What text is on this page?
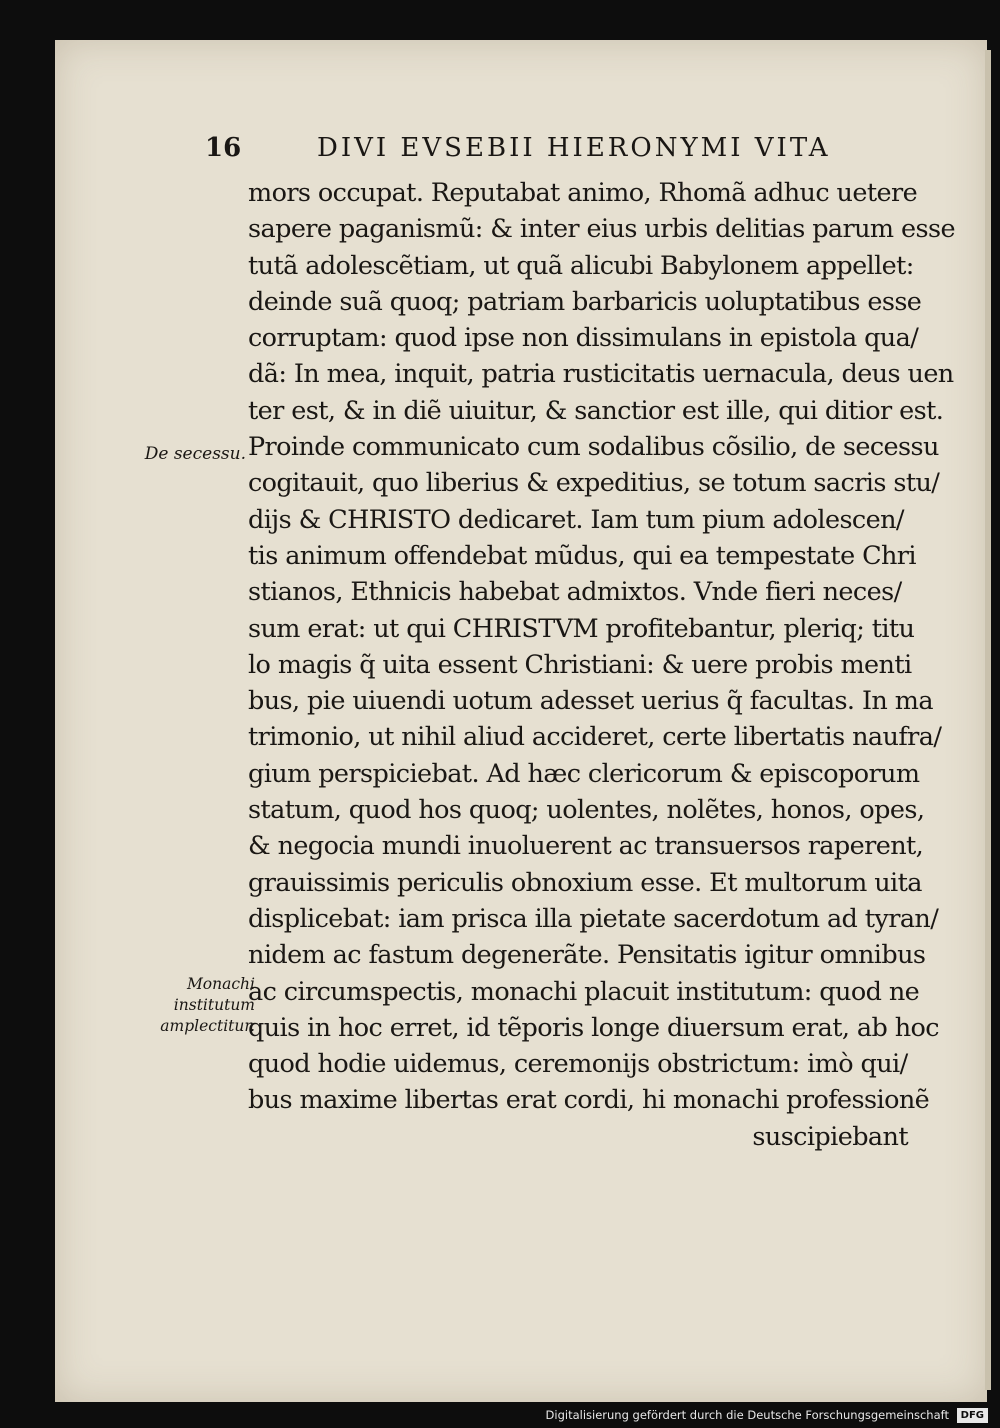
16	DIVI EVSEBII HIERONYMI VITA
De secessu.
Monachi
institutum
amplectitur.
mors occupat. Reputabat animo, Rhomã adhuc uetere
sapere paganismũ: & inter eius urbis delitias parum esse
tutã adolescẽtiam, ut quã alicubi Babylonem appellet:
deinde suã quoq; patriam barbaricis uoluptatibus esse
corruptam: quod ipse non dissimulans in epistola qua/
dã: In mea, inquit, patria rusticitatis uernacula, deus uen
ter est, & in diẽ uiuitur, & sanctior est ille, qui ditior est.
Proinde communicato cum sodalibus cõsilio, de secessu
cogitauit, quo liberius & expeditius, se totum sacris stu/
dijs & CHRISTO dedicaret. Iam tum pium adolescen/
tis animum offendebat mũdus, qui ea tempestate Chri
stianos, Ethnicis habebat admixtos. Vnde fieri neces/
sum erat: ut qui CHRISTVM profitebantur, pleriq; titu
lo magis q̃ uita essent Christiani: & uere probis menti
bus, pie uiuendi uotum adesset uerius q̃ facultas. In ma
trimonio, ut nihil aliud accideret, certe libertatis naufra/
gium perspiciebat. Ad hæc clericorum & episcoporum
statum, quod hos quoq; uolentes, nolẽtes, honos, opes,
& negocia mundi inuoluerent ac transuersos raperent,
grauissimis periculis obnoxium esse. Et multorum uita
displicebat: iam prisca illa pietate sacerdotum ad tyran/
nidem ac fastum degenerãte. Pensitatis igitur omnibus
ac circumspectis, monachi placuit institutum: quod ne
quis in hoc erret, id tẽporis longe diuersum erat, ab hoc
quod hodie uidemus, ceremonijs obstrictum: imò qui/
bus maxime libertas erat cordi, hi monachi professionẽ
suscipiebant
Digitalisierung gefördert durch die Deutsche Forschungsgemeinschaft DFG
